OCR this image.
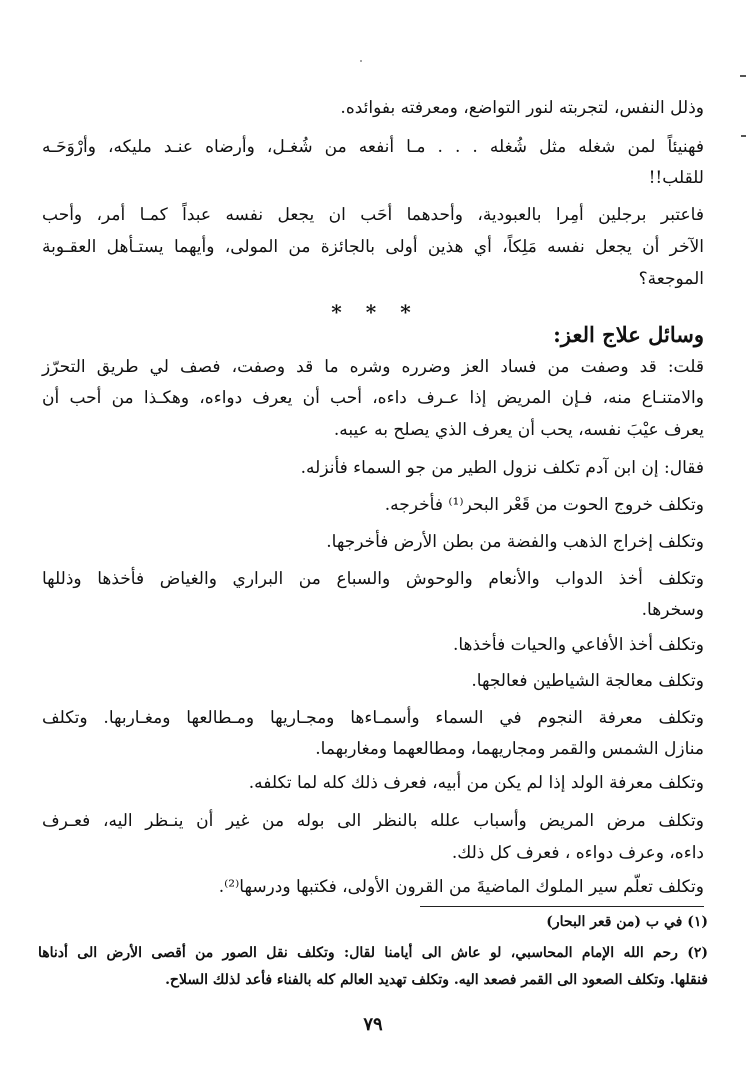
وذلل النفس، لتجربته لنور التواضع، ومعرفته بفوائده.
فهنيئاً لمن شغله مثل شُغله . . . مـا أنفعه من شُغـل، وأرضاه عنـد مليكه، وأرْوَحَـه
للقلب!!
فاعتبر برجلين أمِرا بالعبودية، وأحدهما أحَب ان يجعل نفسه عبداً كمـا أمر، وأحب
الآخر أن يجعل نفسه مَلِكاً، أي هذين أولى بالجائزة من المولى، وأيهما يستـأهل العقـوبة
الموجعة؟
* * *
وسائل علاج العز:
قلت: قد وصفت من فساد العز وضرره وشره ما قد وصفت، فصف لي طريق التحرّز
والامتنـاع منه، فـإن المريض إذا عـرف داءه، أحب أن يعرف دواءه، وهكـذا من أحب أن
يعرف عيْبَ نفسه، يحب أن يعرف الذي يصلح به عيبه.
فقال: إن ابن آدم تكلف نزول الطير من جو السماء فأنزله.
وتكلف خروج الحوت من قَعْر البحر⁽¹⁾ فأخرجه.
وتكلف إخراج الذهب والفضة من بطن الأرض فأخرجها.
وتكلف أخذ الدواب والأنعام والوحوش والسباع من البراري والغياض فأخذها وذللها
وسخرها.
وتكلف أخذ الأفاعي والحيات فأخذها.
وتكلف معالجة الشياطين فعالجها.
وتكلف معرفة النجوم في السماء وأسمـاءها ومجـاريها ومـطالعها ومغـاربها. وتكلف
منازل الشمس والقمر ومجاريهما، ومطالعهما ومغاربهما.
وتكلف معرفة الولد إذا لم يكن من أبيه، فعرف ذلك كله لما تكلفه.
وتكلف مرض المريض وأسباب علله بالنظر الى بوله من غير أن ينـظر اليه، فعـرف
داءه، وعرف دواءه ، فعرف كل ذلك.
وتكلف تعلّم سير الملوك الماضيةَ من القرون الأولى، فكتبها ودرسها⁽²⁾.
(١) في ب (من قعر البحار)
(٢) رحم الله الإمام المحاسبي، لو عاش الى أيامنا لقال: وتكلف نقل الصور من أقصى الأرض الى أدناها
فنقلها. وتكلف الصعود الى القمر فصعد اليه. وتكلف تهديد العالم كله بالفناء فأعد لذلك السلاح.
٧٩
